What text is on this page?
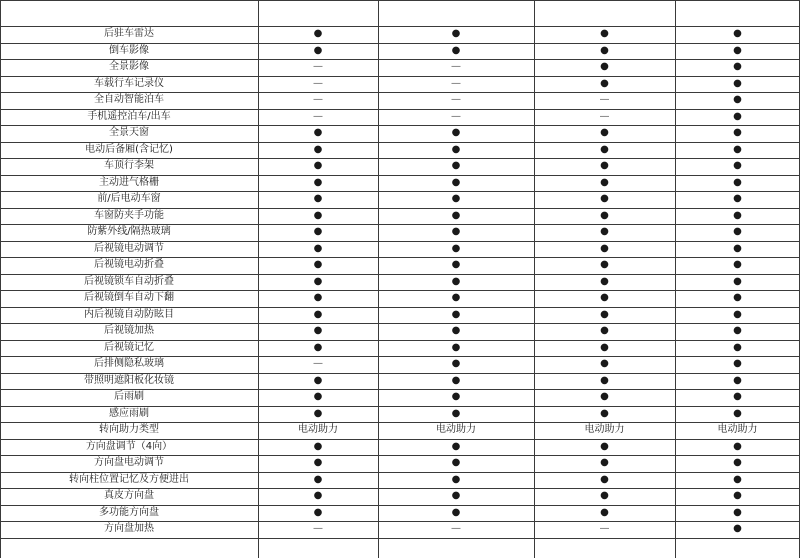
后驻车雷达	●	●	●	●
倒车影像	●	●	●	●
全景影像	—	—	●	●
车载行车记录仪	—	—	●	●
全自动智能泊车	—	—	—	●
手机遥控泊车/出车	—	—	—	●
全景天窗	●	●	●	●
电动后备厢(含记忆)	●	●	●	●
车顶行李架	●	●	●	●
主动进气格栅	●	●	●	●
前/后电动车窗	●	●	●	●
车窗防夹手功能	●	●	●	●
防紫外线/隔热玻璃	●	●	●	●
后视镜电动调节	●	●	●	●
后视镜电动折叠	●	●	●	●
后视镜锁车自动折叠	●	●	●	●
后视镜倒车自动下翻	●	●	●	●
内后视镜自动防眩目	●	●	●	●
后视镜加热	●	●	●	●
后视镜记忆	●	●	●	●
后排侧隐私玻璃	—	●	●	●
带照明遮阳板化妆镜	●	●	●	●
后雨刷	●	●	●	●
感应雨刷	●	●	●	●
转向助力类型	电动助力	电动助力	电动助力	电动助力
方向盘调节（4向）	●	●	●	●
方向盘电动调节	●	●	●	●
转向柱位置记忆及方便进出	●	●	●	●
真皮方向盘	●	●	●	●
多功能方向盘	●	●	●	●
方向盘加热	—	—	—	●
